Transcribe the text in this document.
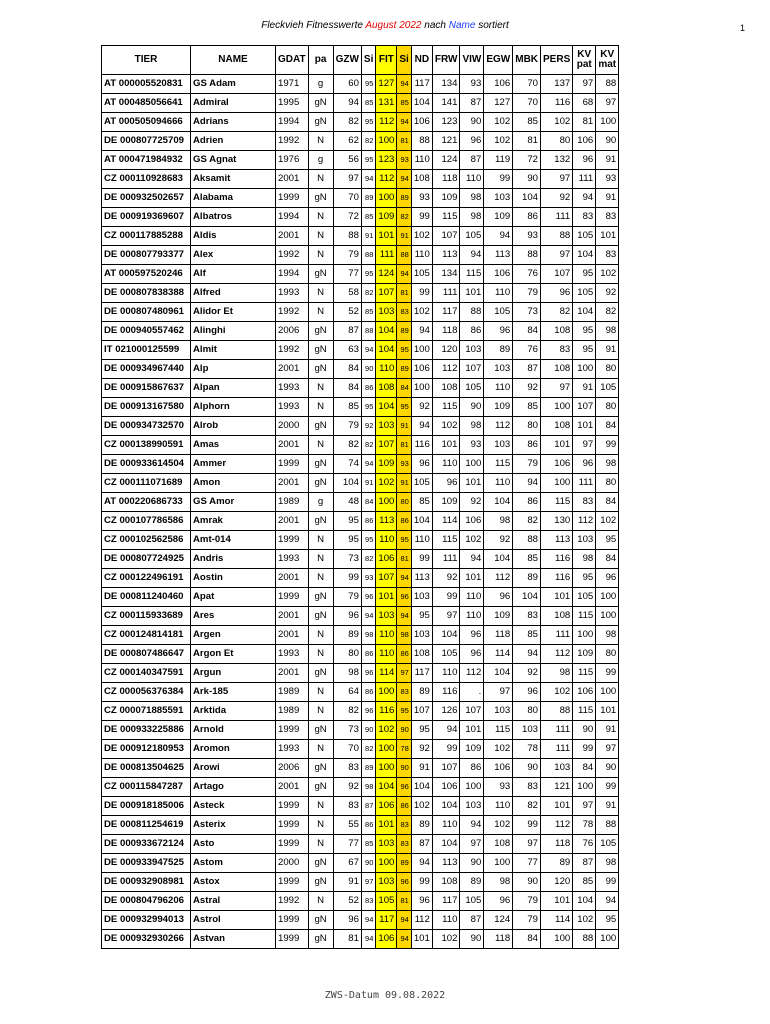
Fleckvieh Fitnesswerte August 2022 nach Name sortiert	1
TIER	NAME	GDAT	pa	GZW	Si	FIT	Si	ND	FRW	VIW	EGW	MBK	PERS	KV pat	KV mat
AT 000005520831	GS Adam	1971	g	60	95	127	94	117	134	93	106	70	137	97	88
AT 000485056641	Admiral	1995	gN	94	85	131	85	104	141	87	127	70	116	68	97
AT 000505094666	Adrians	1994	gN	82	95	112	94	106	123	90	102	85	102	81	100
DE 000807725709	Adrien	1992	N	62	82	100	81	88	121	96	102	81	80	106	90
AT 000471984932	GS Agnat	1976	g	56	95	123	93	110	124	87	119	72	132	96	91
CZ 000110928683	Aksamit	2001	N	97	94	112	94	108	118	110	99	90	97	111	93
DE 000932502657	Alabama	1999	gN	70	89	100	89	93	109	98	103	104	92	94	91
DE 000919369607	Albatros	1994	N	72	85	109	82	99	115	98	109	86	111	83	83
CZ 000117885288	Aldis	2001	N	88	91	101	91	102	107	105	94	93	88	105	101
DE 000807793377	Alex	1992	N	79	88	111	88	110	113	94	113	88	97	104	83
AT 000597520246	Alf	1994	gN	77	95	124	94	105	134	115	106	76	107	95	102
DE 000807838388	Alfred	1993	N	58	82	107	81	99	111	101	110	79	96	105	92
DE 000807480961	Alidor Et	1992	N	52	85	103	83	102	117	88	105	73	82	104	82
DE 000940557462	Alinghi	2006	gN	87	88	104	89	94	118	86	96	84	108	95	98
IT 021000125599	Almit	1992	gN	63	94	104	95	100	120	103	89	76	83	95	91
DE 000934967440	Alp	2001	gN	84	90	110	89	106	112	107	103	87	108	100	80
DE 000915867637	Alpan	1993	N	84	86	108	84	100	108	105	110	92	97	91	105
DE 000913167580	Alphorn	1993	N	85	95	104	95	92	115	90	109	85	100	107	80
DE 000934732570	Alrob	2000	gN	79	92	103	91	94	102	98	112	80	108	101	84
CZ 000138990591	Amas	2001	N	82	82	107	81	116	101	93	103	86	101	97	99
DE 000933614504	Ammer	1999	gN	74	94	109	93	96	110	100	115	79	106	96	98
CZ 000111071689	Amon	2001	gN	104	91	102	91	105	96	101	110	94	100	111	80
AT 000220686733	GS Amor	1989	g	48	84	100	80	85	109	92	104	86	115	83	84
CZ 000107786586	Amrak	2001	gN	95	86	113	86	104	114	106	98	82	130	112	102
CZ 000102562586	Amt-014	1999	N	95	95	110	95	110	115	102	92	88	113	103	95
DE 000807724925	Andris	1993	N	73	82	106	81	99	111	94	104	85	116	98	84
CZ 000122496191	Aostin	2001	N	99	93	107	94	113	92	101	112	89	116	95	96
DE 000811240460	Apat	1999	gN	79	96	101	96	103	99	110	96	104	101	105	100
CZ 000115933689	Ares	2001	gN	96	94	103	94	95	97	110	109	83	108	115	100
CZ 000124814181	Argen	2001	N	89	98	110	98	103	104	96	118	85	111	100	98
DE 000807486647	Argon Et	1993	N	80	86	110	86	108	105	96	114	94	112	109	80
CZ 000140347591	Argun	2001	gN	98	96	114	97	117	110	112	104	92	98	115	99
CZ 000056376384	Ark-185	1989	N	64	86	100	83	89	116	.	97	96	102	106	100
CZ 000071885591	Arktida	1989	N	82	96	116	95	107	126	107	103	80	88	115	101
DE 000933225886	Arnold	1999	gN	73	90	102	90	95	94	101	115	103	111	90	91
DE 000912180953	Aromon	1993	N	70	82	100	78	92	99	109	102	78	111	99	97
DE 000813504625	Arowi	2006	gN	83	89	100	90	91	107	86	106	90	103	84	90
CZ 000115847287	Artago	2001	gN	92	98	104	96	104	106	100	93	83	121	100	99
DE 000918185006	Asteck	1999	N	83	87	106	86	102	104	103	110	82	101	97	91
DE 000811254619	Asterix	1999	N	55	86	101	83	89	110	94	102	99	112	78	88
DE 000933672124	Asto	1999	N	77	85	103	83	87	104	97	108	97	118	76	105
DE 000933947525	Astom	2000	gN	67	90	100	89	94	113	90	100	77	89	87	98
DE 000932908981	Astox	1999	gN	91	97	103	96	99	108	89	98	90	120	85	99
DE 000804796206	Astral	1992	N	52	83	105	81	96	117	105	96	79	101	104	94
DE 000932994013	Astrol	1999	gN	96	94	117	94	112	110	87	124	79	114	102	95
DE 000932930266	Astvan	1999	gN	81	94	106	94	101	102	90	118	84	100	88	100
ZWS-Datum 09.08.2022
